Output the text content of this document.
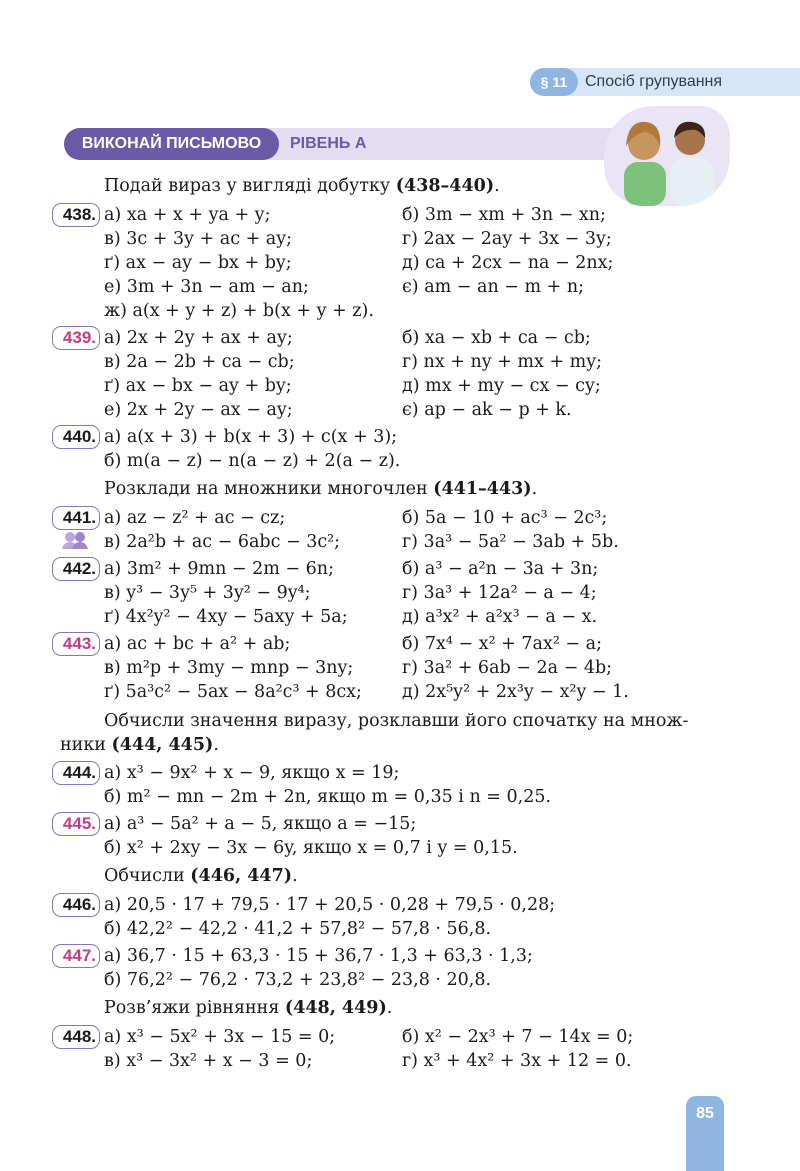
§ 11	Спосіб групування
ВИКОНАЙ ПИСЬМОВО	РІВЕНЬ А
Подай вираз у вигляді добутку (438–440).
438. а) xa + x + ya + y;	б) 3m − xm + 3n − xn;
в) 3c + 3y + ac + ay;	г) 2ax − 2ay + 3x − 3y;
ґ) ax − ay − bx + by;	д) ca + 2cx − na − 2nx;
е) 3m + 3n − am − an;	є) am − an − m + n;
ж) a(x + y + z) + b(x + y + z).
439. а) 2x + 2y + ax + ay;	б) xa − xb + ca − cb;
в) 2a − 2b + ca − cb;	г) nx + ny + mx + my;
ґ) ax − bx − ay + by;	д) mx + my − cx − cy;
е) 2x + 2y − ax − ay;	є) ap − ak − p + k.
440. а) a(x + 3) + b(x + 3) + c(x + 3);
б) m(a − z) − n(a − z) + 2(a − z).
Розклади на множники многочлен (441–443).
441. а) az − z² + ac − cz;	б) 5a − 10 + ac³ − 2c³;
в) 2a²b + ac − 6abc − 3c²;	г) 3a³ − 5a² − 3ab + 5b.
442. а) 3m² + 9mn − 2m − 6n;	б) a³ − a²n − 3a + 3n;
в) y³ − 3y⁵ + 3y² − 9y⁴;	г) 3a³ + 12a² − a − 4;
ґ) 4x²y² − 4xy − 5axy + 5a;	д) a³x² + a²x³ − a − x.
443. а) ac + bc + a² + ab;	б) 7x⁴ − x² + 7ax² − a;
в) m²p + 3my − mnp − 3ny;	г) 3a² + 6ab − 2a − 4b;
ґ) 5a³c² − 5ax − 8a²c³ + 8cx; д) 2x⁵y² + 2x³y − x²y − 1.
Обчисли значення виразу, розклавши його спочатку на множ-
ники (444, 445).
444. а) x³ − 9x² + x − 9, якщо x = 19;
б) m² − mn − 2m + 2n, якщо m = 0,35 і n = 0,25.
445. а) a³ − 5a² + a − 5, якщо a = −15;
б) x² + 2xy − 3x − 6y, якщо x = 0,7 і y = 0,15.
Обчисли (446, 447).
446. а) 20,5 · 17 + 79,5 · 17 + 20,5 · 0,28 + 79,5 · 0,28;
б) 42,2² − 42,2 · 41,2 + 57,8² − 57,8 · 56,8.
447. а) 36,7 · 15 + 63,3 · 15 + 36,7 · 1,3 + 63,3 · 1,3;
б) 76,2² − 76,2 · 73,2 + 23,8² − 23,8 · 20,8.
Розв’яжи рівняння (448, 449).
448. а) x³ − 5x² + 3x − 15 = 0;	б) x² − 2x³ + 7 − 14x = 0;
в) x³ − 3x² + x − 3 = 0;	г) x³ + 4x² + 3x + 12 = 0.
85
